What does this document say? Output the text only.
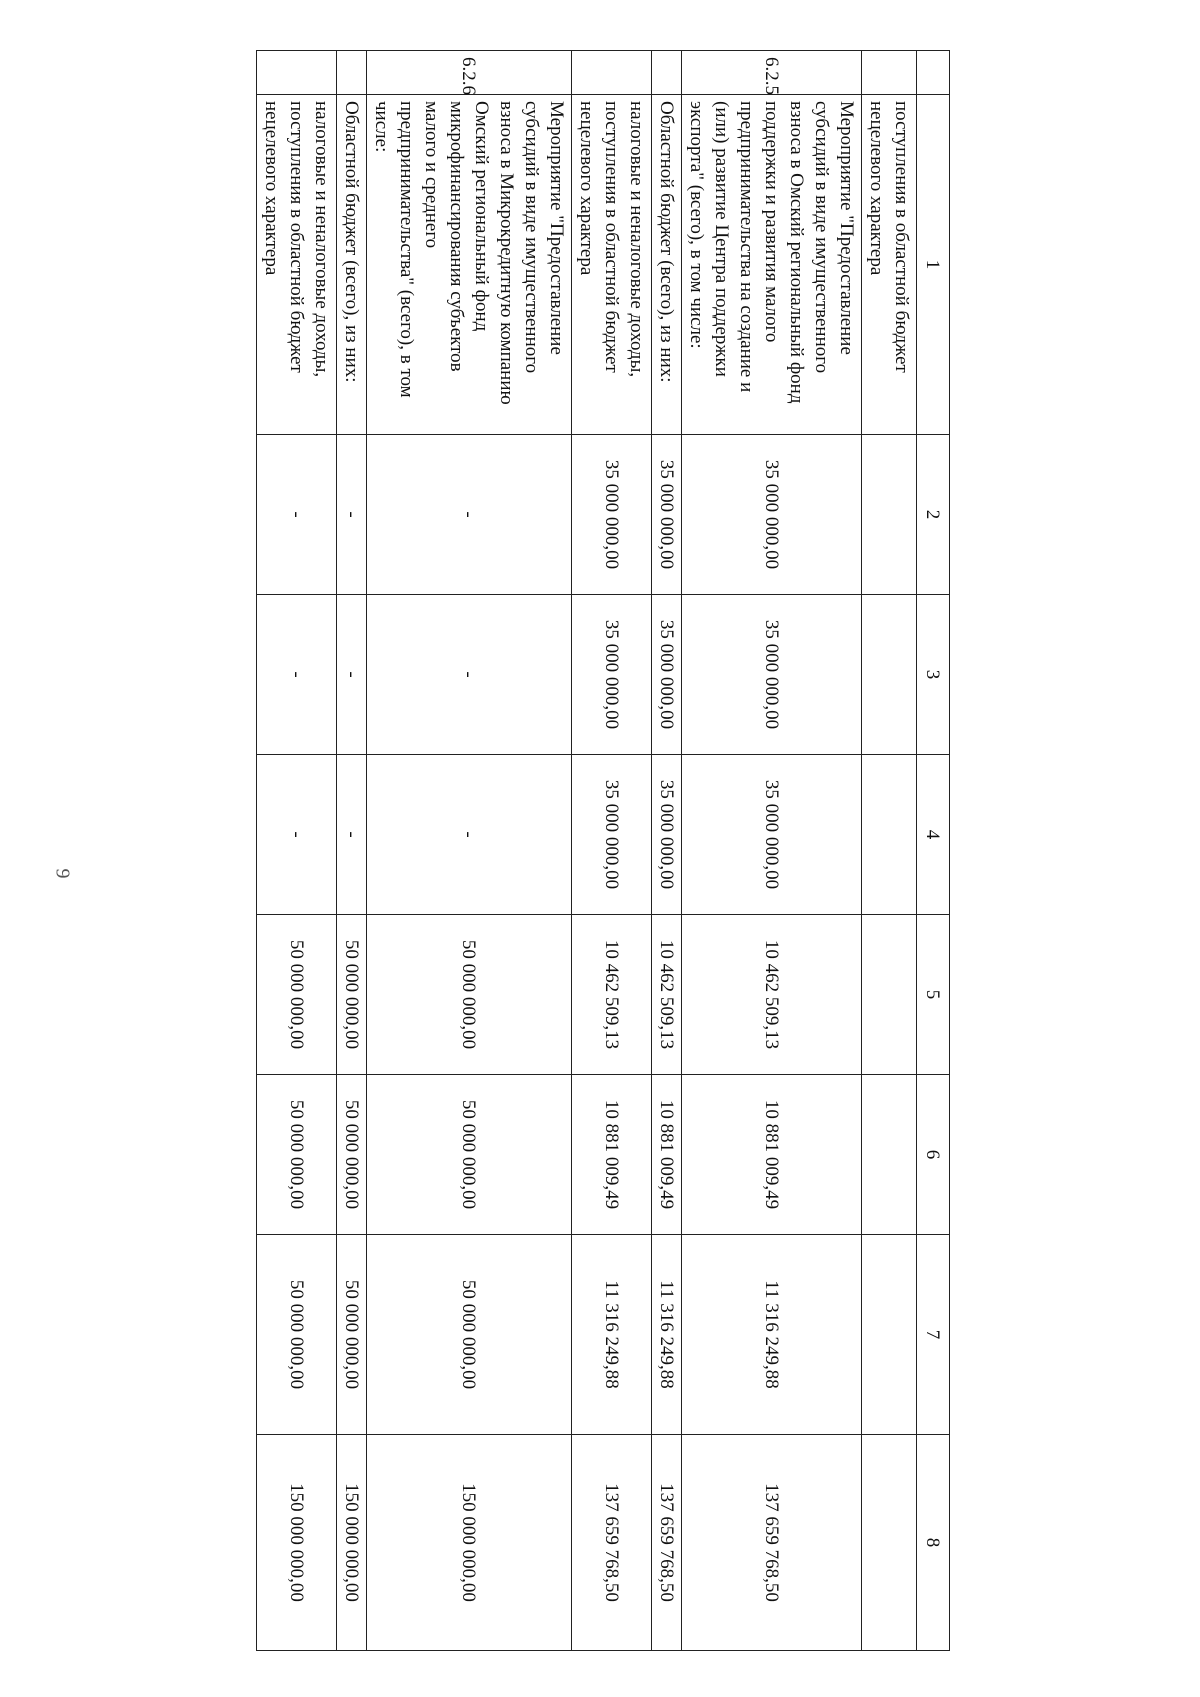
9
	1	2	3	4	5	6	7	8
	поступления в областной бюджет нецелевого характера							
6.2.5	Мероприятие "Предоставление субсидий в виде имущественного взноса в Омский региональный фонд поддержки и развития малого предпринимательства на создание и (или) развитие Центра поддержки экспорта" (всего), в том числе:	35 000 000,00	35 000 000,00	35 000 000,00	10 462 509,13	10 881 009,49	11 316 249,88	137 659 768,50
	Областной бюджет (всего), из них:	35 000 000,00	35 000 000,00	35 000 000,00	10 462 509,13	10 881 009,49	11 316 249,88	137 659 768,50
	налоговые и неналоговые доходы, поступления в областной бюджет нецелевого характера	35 000 000,00	35 000 000,00	35 000 000,00	10 462 509,13	10 881 009,49	11 316 249,88	137 659 768,50
6.2.6	Мероприятие "Предоставление субсидий в виде имущественного взноса в Микрокредитную компанию Омский региональный фонд микрофинансирования субъектов малого и среднего предпринимательства" (всего), в том числе:	-	-	-	50 000 000,00	50 000 000,00	50 000 000,00	150 000 000,00
	Областной бюджет (всего), из них:	-	-	-	50 000 000,00	50 000 000,00	50 000 000,00	150 000 000,00
	налоговые и неналоговые доходы, поступления в областной бюджет нецелевого характера	-	-	-	50 000 000,00	50 000 000,00	50 000 000,00	150 000 000,00
